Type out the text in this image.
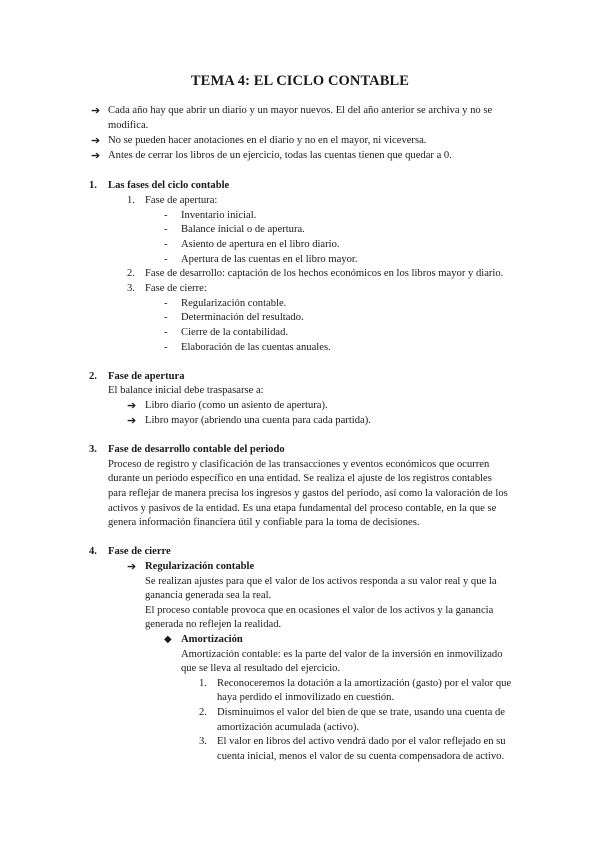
TEMA 4: EL CICLO CONTABLE
➔ Cada año hay que abrir un diario y un mayor nuevos. El del año anterior se archiva y no se
modifica.
➔ No se pueden hacer anotaciones en el diario y no en el mayor, ni viceversa.
➔ Antes de cerrar los libros de un ejercicio, todas las cuentas tienen que quedar a 0.
1. Las fases del ciclo contable
1. Fase de apertura:
- Inventario inicial.
- Balance inicial o de apertura.
- Asiento de apertura en el libro diario.
- Apertura de las cuentas en el libro mayor.
2. Fase de desarrollo: captación de los hechos económicos en los libros mayor y diario.
3. Fase de cierre:
- Regularización contable.
- Determinación del resultado.
- Cierre de la contabilidad.
- Elaboración de las cuentas anuales.
2. Fase de apertura
El balance inicial debe traspasarse a:
➔ Libro diario (como un asiento de apertura).
➔ Libro mayor (abriendo una cuenta para cada partida).
3. Fase de desarrollo contable del periodo
Proceso de registro y clasificación de las transacciones y eventos económicos que ocurren
durante un periodo específico en una entidad. Se realiza el ajuste de los registros contables
para reflejar de manera precisa los ingresos y gastos del periodo, así como la valoración de los
activos y pasivos de la entidad. Es una etapa fundamental del proceso contable, en la que se
genera información financiera útil y confiable para la toma de decisiones.
4. Fase de cierre
➔ Regularización contable
Se realizan ajustes para que el valor de los activos responda a su valor real y que la
ganancia generada sea la real.
El proceso contable provoca que en ocasiones el valor de los activos y la ganancia
generada no reflejen la realidad.
◆ Amortización
Amortización contable: es la parte del valor de la inversión en inmovilizado
que se lleva al resultado del ejercicio.
1. Reconoceremos la dotación a la amortización (gasto) por el valor que
haya perdido el inmovilizado en cuestión.
2. Disminuimos el valor del bien de que se trate, usando una cuenta de
amortización acumulada (activo).
3. El valor en libros del activo vendrá dado por el valor reflejado en su
cuenta inicial, menos el valor de su cuenta compensadora de activo.
